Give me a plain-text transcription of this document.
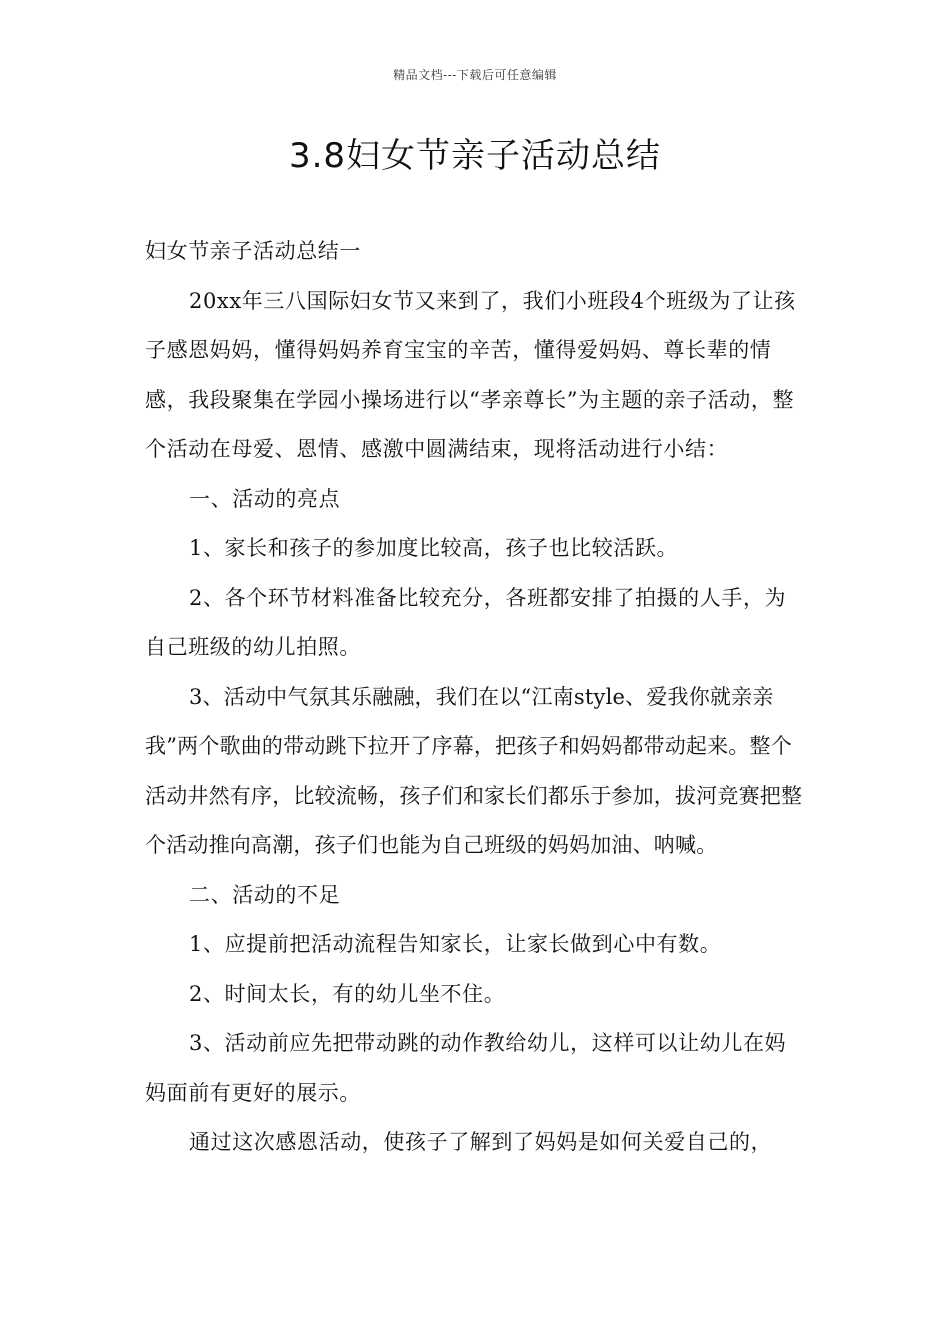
精品文档---下载后可任意编辑
3.8妇女节亲子活动总结

妇女节亲子活动总结一

20xx年三八国际妇女节又来到了，我们小班段4个班级为了让孩子感恩妈妈，懂得妈妈养育宝宝的辛苦，懂得爱妈妈、尊长辈的情感，我段聚集在学园小操场进行以“孝亲尊长”为主题的亲子活动，整个活动在母爱、恩情、感激中圆满结束，现将活动进行小结：

一、活动的亮点

1、家长和孩子的参加度比较高，孩子也比较活跃。

2、各个环节材料准备比较充分，各班都安排了拍摄的人手，为自己班级的幼儿拍照。

3、活动中气氛其乐融融，我们在以“江南style、爱我你就亲亲我”两个歌曲的带动跳下拉开了序幕，把孩子和妈妈都带动起来。整个活动井然有序，比较流畅，孩子们和家长们都乐于参加，拔河竞赛把整个活动推向高潮，孩子们也能为自己班级的妈妈加油、呐喊。

二、活动的不足

1、应提前把活动流程告知家长，让家长做到心中有数。

2、时间太长，有的幼儿坐不住。

3、活动前应先把带动跳的动作教给幼儿，这样可以让幼儿在妈妈面前有更好的展示。

通过这次感恩活动，使孩子了解到了妈妈是如何关爱自己的，
